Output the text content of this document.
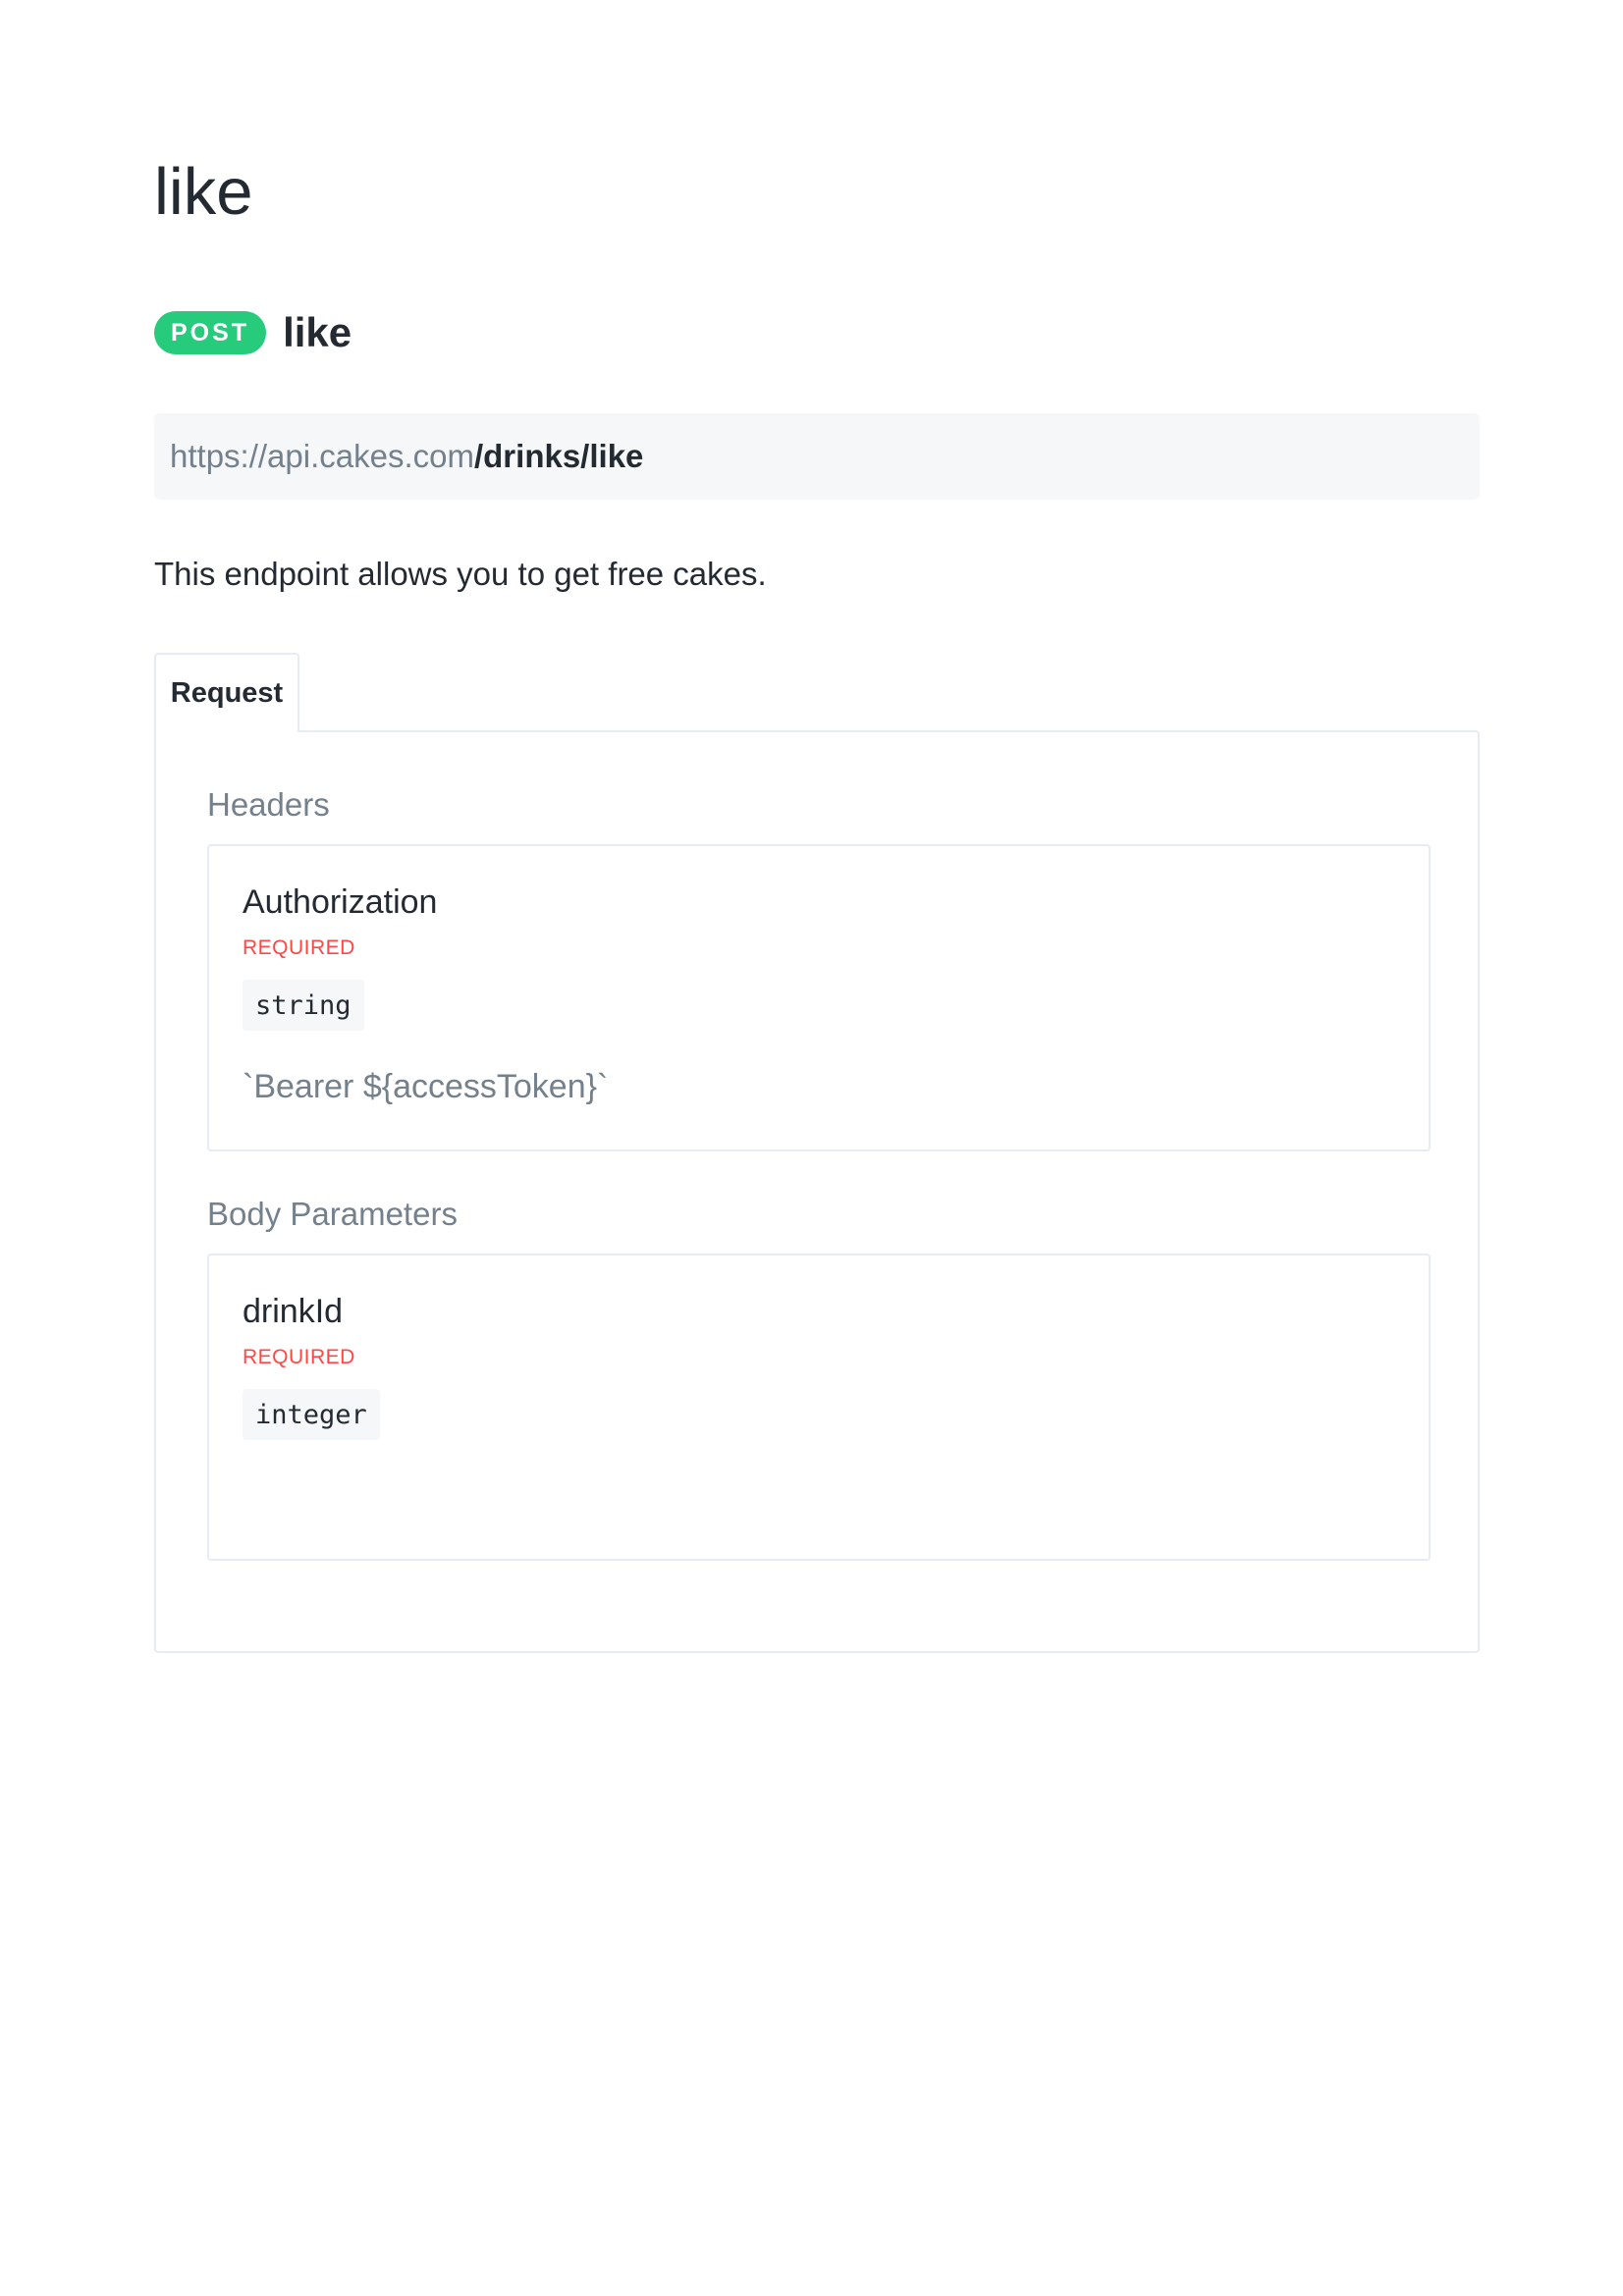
like
POST like
https://api.cakes.com /drinks/like

This endpoint allows you to get free cakes.

Request

Headers

Authorization

REQUIRED
string

`Bearer ${accessToken}`

Body Parameters

drinkId

REQUIRED
integer
